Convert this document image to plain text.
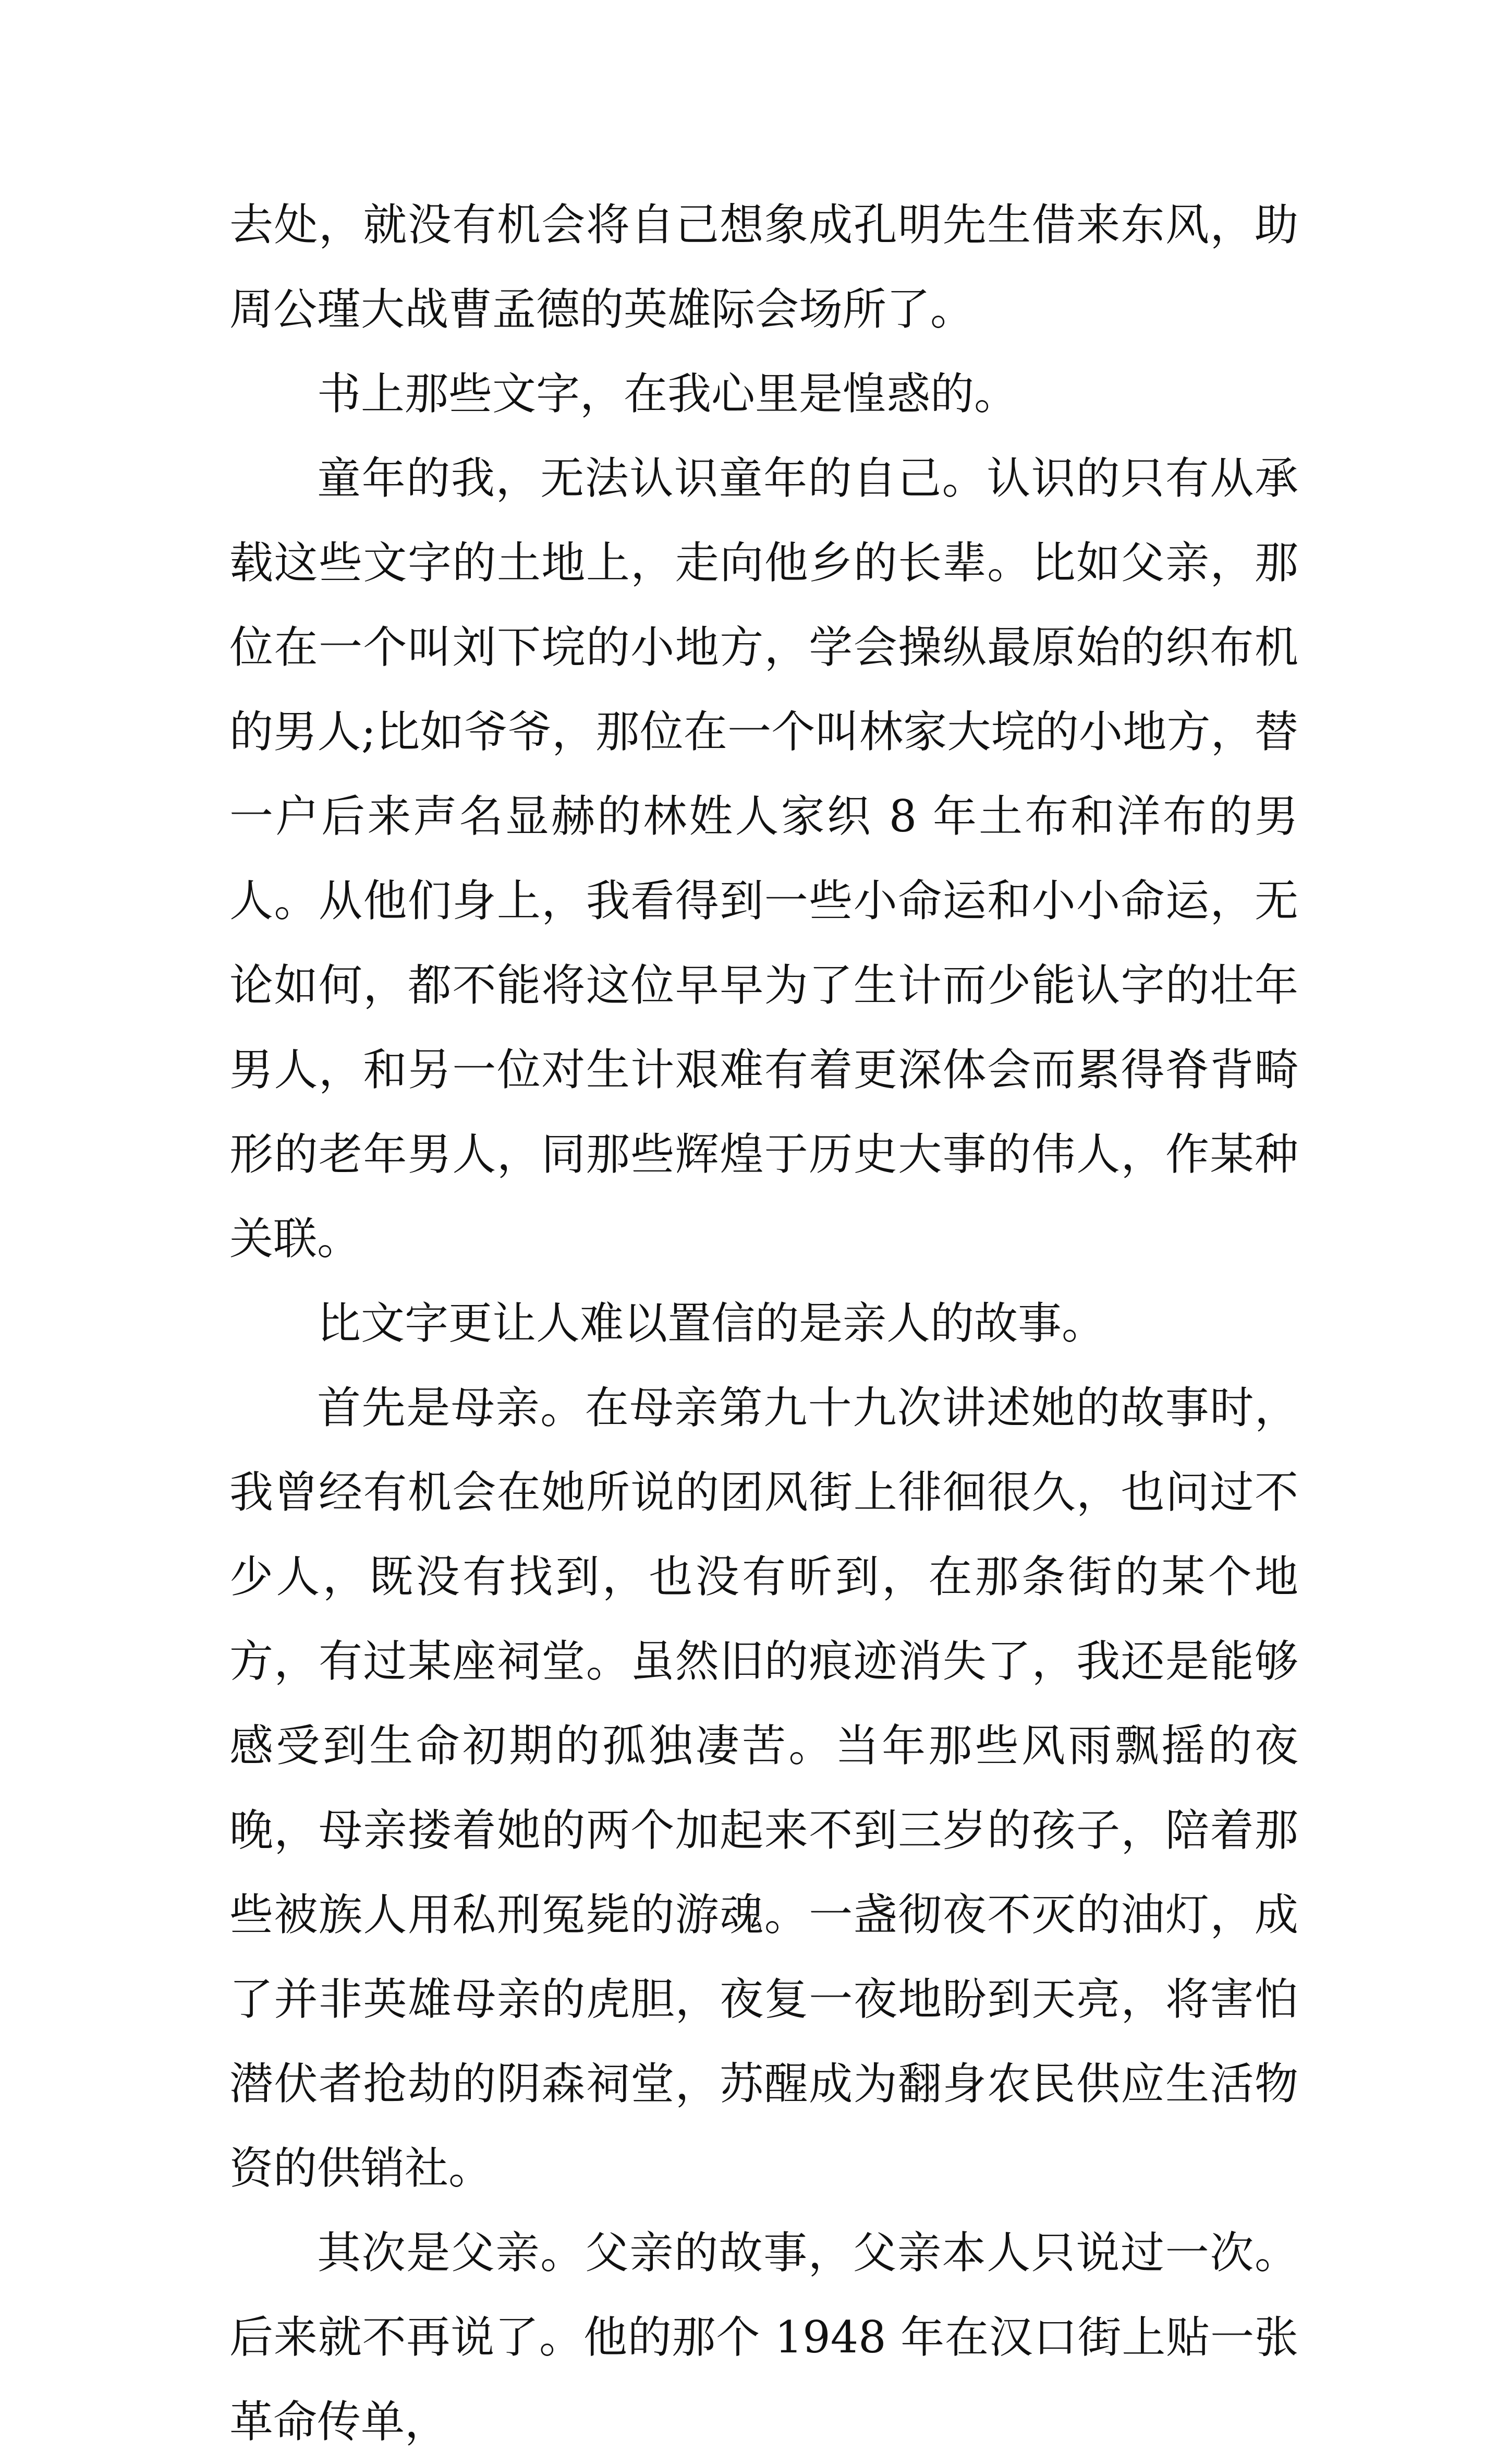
去处，就没有机会将自己想象成孔明先生借来东风，助周公瑾大战曹孟德的英雄际会场所了。

书上那些文字，在我心里是惶惑的。

童年的我，无法认识童年的自己。认识的只有从承载这些文字的土地上，走向他乡的长辈。比如父亲，那位在一个叫刘下垸的小地方，学会操纵最原始的织布机的男人;比如爷爷，那位在一个叫林家大垸的小地方，替一户后来声名显赫的林姓人家织 8 年土布和洋布的男人。从他们身上，我看得到一些小命运和小小命运，无论如何，都不能将这位早早为了生计而少能认字的壮年男人，和另一位对生计艰难有着更深体会而累得脊背畸形的老年男人，同那些辉煌于历史大事的伟人，作某种关联。

比文字更让人难以置信的是亲人的故事。

首先是母亲。在母亲第九十九次讲述她的故事时，我曾经有机会在她所说的团风街上徘徊很久，也问过不少人，既没有找到，也没有昕到，在那条街的某个地方，有过某座祠堂。虽然旧的痕迹消失了，我还是能够感受到生命初期的孤独凄苦。当年那些风雨飘摇的夜晚，母亲搂着她的两个加起来不到三岁的孩子，陪着那些被族人用私刑冤毙的游魂。一盏彻夜不灭的油灯，成了并非英雄母亲的虎胆，夜复一夜地盼到天亮，将害怕潜伏者抢劫的阴森祠堂，苏醒成为翻身农民供应生活物资的供销社。

其次是父亲。父亲的故事，父亲本人只说过一次。后来就不再说了。他的那个 1948 年在汉口街上贴一张革命传单，
